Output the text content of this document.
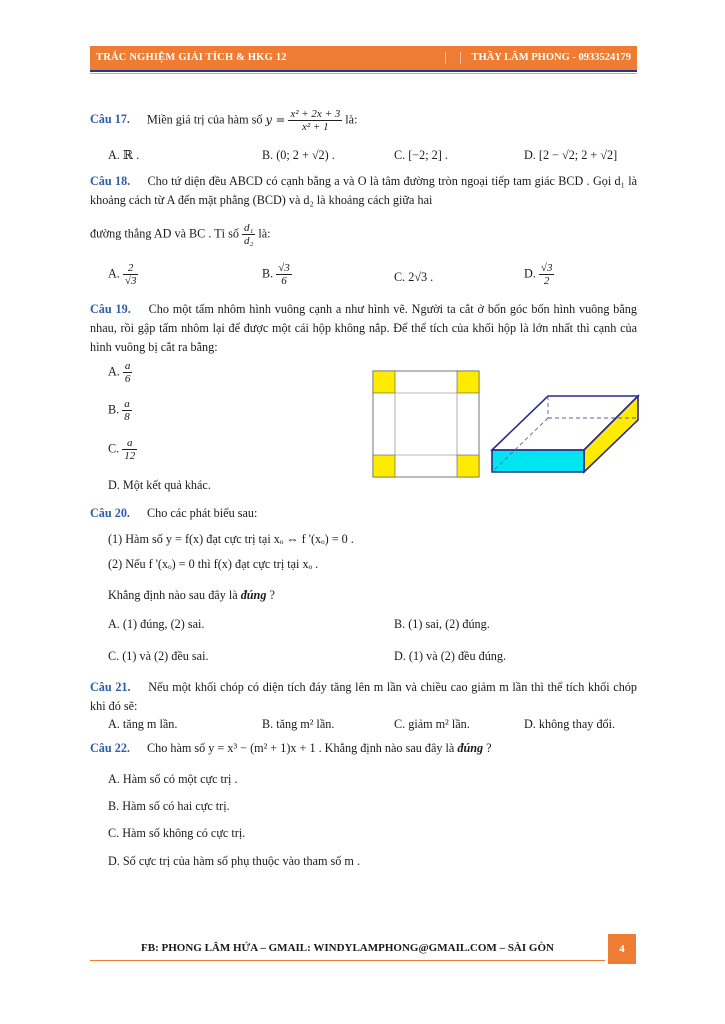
TRẮC NGHIỆM GIẢI TÍCH & HKG 12	THẦY LÂM PHONG - 0933524179
Câu 17. Miền giá trị của hàm số $y = \frac{\text{x² + 2x + 3}}{\text{x² + 1}}$ là:
A. ℝ .	B. (0; 2 + √2) .	C. [−2; 2] .	D. [2 − √2; 2 + √2]
Câu 18. Cho tứ diện đều ABCD có cạnh bằng a và O là tâm đường tròn ngoại tiếp tam giác BCD . Gọi d₁ là khoảng cách từ A đến mặt phẳng (BCD) và d₂ là khoảng cách giữa hai
đường thẳng AD và BC . Tỉ số $\frac{\text{d₁}}{\text{d₂}}$ là:
A. $\frac{2}{√3}$	B. $\frac{√3}{6}$	C. 2√3 .	D. $\frac{√3}{2}$
Câu 19. Cho một tấm nhôm hình vuông cạnh a như hình vẽ. Người ta cắt ở bốn góc bốn hình vuông bằng nhau, rồi gập tấm nhôm lại để được một cái hộp không nắp. Để thể tích của khối hộp là lớn nhất thì cạnh của hình vuông bị cắt ra bằng:
A. $\frac{a}{6}$
B. $\frac{a}{8}$
C. $\frac{a}{12}$
D. Một kết quả khác.
Câu 20. Cho các phát biểu sau:
(1) Hàm số y = f(x) đạt cực trị tại xₒ ⇔ f '(xₒ) = 0 .
(2) Nếu f '(xₒ) = 0 thì f(x) đạt cực trị tại xₒ .
Khẳng định nào sau đây là đúng ?
A. (1) đúng, (2) sai.	B. (1) sai, (2) đúng.
C. (1) và (2) đều sai.	D. (1) và (2) đều đúng.
Câu 21. Nếu một khối chóp có diện tích đáy tăng lên m lần và chiều cao giảm m lần thì thể tích khối chóp khi đó sẽ:
A. tăng m lần.	B. tăng m² lần.	C. giảm m² lần.	D. không thay đổi.
Câu 22. Cho hàm số y = x³ − (m² + 1)x + 1 . Khẳng định nào sau đây là đúng ?
A. Hàm số có một cực trị .
B. Hàm số có hai cực trị.
C. Hàm số không có cực trị.
D. Số cực trị của hàm số phụ thuộc vào tham số m .
FB: PHONG LÂM HỨA – GMAIL: WINDYLAMPHONG@GMAIL.COM – SÀI GÒN	4
